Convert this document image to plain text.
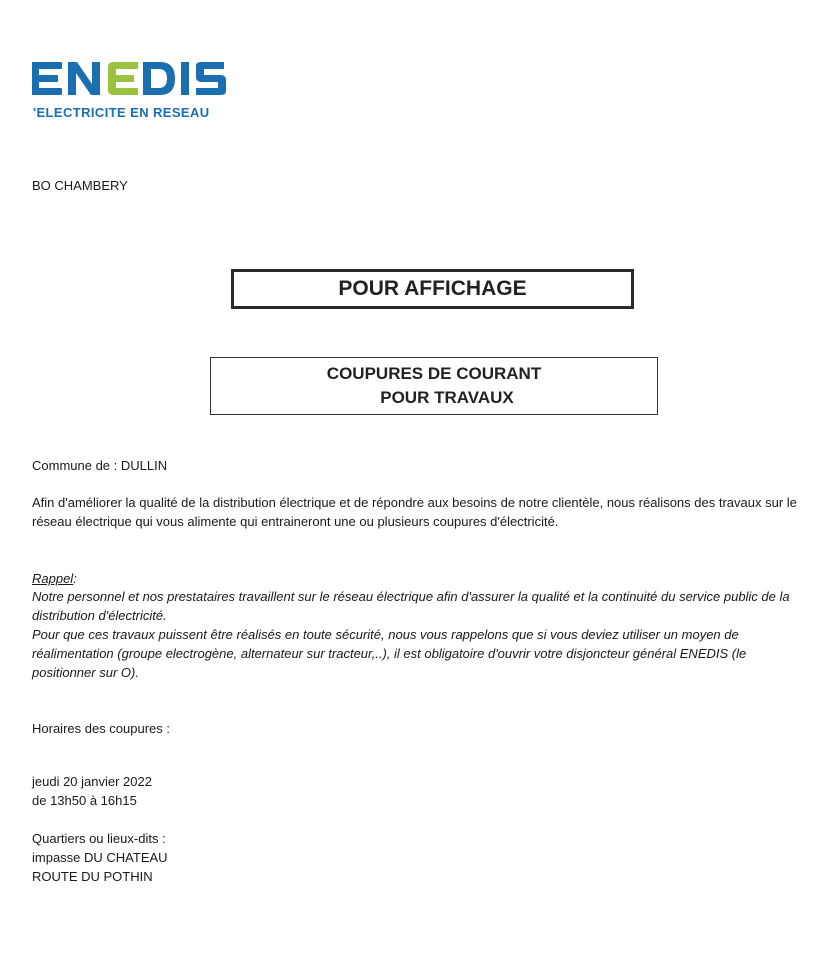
'ELECTRICITE EN RESEAU
BO CHAMBERY
POUR AFFICHAGE
COUPURES DE COURANT
POUR TRAVAUX
Commune de : DULLIN
Afin d'améliorer la qualité de la distribution électrique et de répondre aux besoins de notre clientèle, nous réalisons des travaux sur le réseau électrique qui vous alimente qui entraineront une ou plusieurs coupures d'électricité.
Rappel:

Notre personnel et nos prestataires travaillent sur le réseau électrique afin d'assurer la qualité et la continuité du service public de la distribution d'électricité.

Pour que ces travaux puissent être réalisés en toute sécurité, nous vous rappelons que si vous deviez utiliser un moyen de réalimentation (groupe electrogène, alternateur sur tracteur,..), il est obligatoire d'ouvrir votre disjoncteur général ENEDIS (le positionner sur O).

Horaires des coupures :
jeudi 20 janvier 2022
de 13h50 à 16h15
Quartiers ou lieux-dits :
impasse DU CHATEAU
ROUTE DU POTHIN
